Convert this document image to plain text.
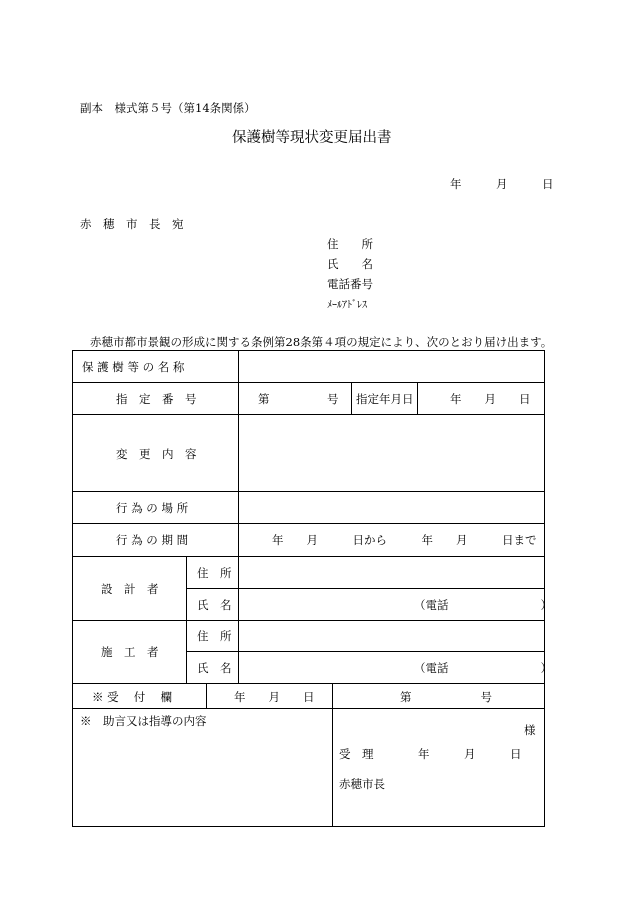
副本　様式第５号（第14条関係）
保護樹等現状変更届出書
年　　　月　　　日
赤　穂　市　長　宛
住　　所
氏　　名
電話番号
ﾒｰﾙｱﾄﾞﾚｽ
赤穂市都市景観の形成に関する条例第28条第４項の規定により、次のとおり届け出ます。
保 護 樹 等 の 名 称
指　定　番　号	第　　　　　号 指定年月日	年　　月　　日
変　更　内　容
行 為 の 場 所
行 為 の 期 間	年　　月　　　日から　　　年　　月　　　日まで
設　計　者
住　所
氏　名	（電話　　　　　　　　）
施　工　者
住　所
氏　名	（電話　　　　　　　　）
※ 受　 付　 欄	年　　月　　日	第　　　　　　号
※　助言又は指導の内容
様
受　理	年　　　月　　　日
赤穂市長
